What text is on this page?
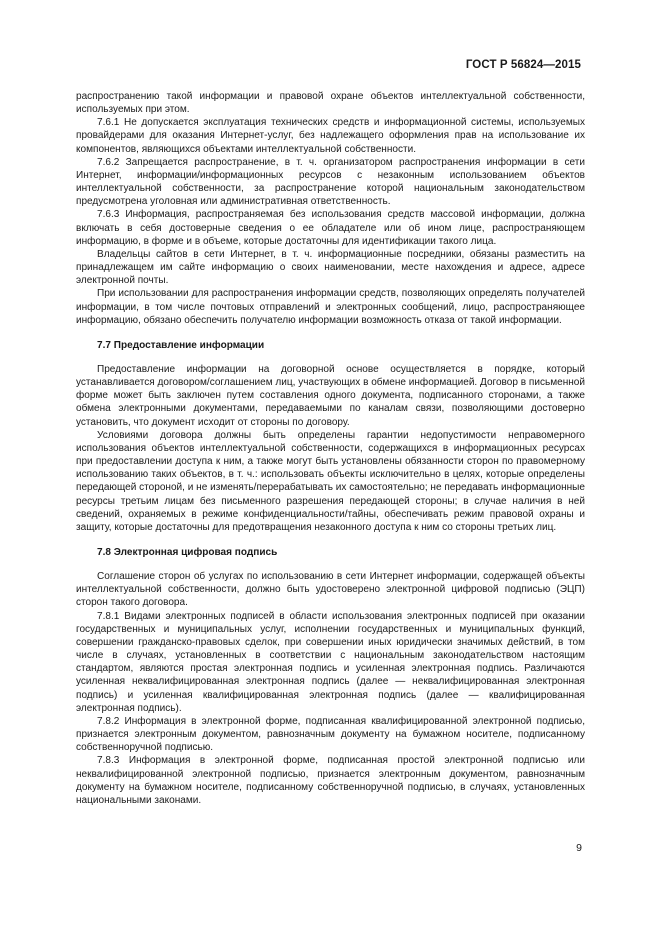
ГОСТ Р 56824—2015

распространению такой информации и правовой охране объектов интеллектуальной собственности, используемых при этом.

7.6.1 Не допускается эксплуатация технических средств и информационной системы, используемых провайдерами для оказания Интернет-услуг, без надлежащего оформления прав на использование их компонентов, являющихся объектами интеллектуальной собственности.

7.6.2 Запрещается распространение, в т. ч. организатором распространения информации в сети Интернет, информации/информационных ресурсов с незаконным использованием объектов интеллектуальной собственности, за распространение которой национальным законодательством предусмотрена уголовная или административная ответственность.

7.6.3 Информация, распространяемая без использования средств массовой информации, должна включать в себя достоверные сведения о ее обладателе или об ином лице, распространяющем информацию, в форме и в объеме, которые достаточны для идентификации такого лица.

Владельцы сайтов в сети Интернет, в т. ч. информационные посредники, обязаны разместить на принадлежащем им сайте информацию о своих наименовании, месте нахождения и адресе, адресе электронной почты.

При использовании для распространения информации средств, позволяющих определять получателей информации, в том числе почтовых отправлений и электронных сообщений, лицо, распространяющее информацию, обязано обеспечить получателю информации возможность отказа от такой информации.

7.7 Предоставление информации

Предоставление информации на договорной основе осуществляется в порядке, который устанавливается договором/соглашением лиц, участвующих в обмене информацией. Договор в письменной форме может быть заключен путем составления одного документа, подписанного сторонами, а также обмена электронными документами, передаваемыми по каналам связи, позволяющими достоверно установить, что документ исходит от стороны по договору.

Условиями договора должны быть определены гарантии недопустимости неправомерного использования объектов интеллектуальной собственности, содержащихся в информационных ресурсах при предоставлении доступа к ним, а также могут быть установлены обязанности сторон по правомерному использованию таких объектов, в т. ч.: использовать объекты исключительно в целях, которые определены передающей стороной, и не изменять/перерабатывать их самостоятельно; не передавать информационные ресурсы третьим лицам без письменного разрешения передающей стороны; в случае наличия в ней сведений, охраняемых в режиме конфиденциальности/тайны, обеспечивать режим правовой охраны и защиту, которые достаточны для предотвращения незаконного доступа к ним со стороны третьих лиц.

7.8 Электронная цифровая подпись

Соглашение сторон об услугах по использованию в сети Интернет информации, содержащей объекты интеллектуальной собственности, должно быть удостоверено электронной цифровой подписью (ЭЦП) сторон такого договора.

7.8.1 Видами электронных подписей в области использования электронных подписей при оказании государственных и муниципальных услуг, исполнении государственных и муниципальных функций, совершении гражданско-правовых сделок, при совершении иных юридически значимых действий, в том числе в случаях, установленных в соответствии с национальным законодательством настоящим стандартом, являются простая электронная подпись и усиленная электронная подпись. Различаются усиленная неквалифицированная электронная подпись (далее — неквалифицированная электронная подпись) и усиленная квалифицированная электронная подпись (далее — квалифицированная электронная подпись).

7.8.2 Информация в электронной форме, подписанная квалифицированной электронной подписью, признается электронным документом, равнозначным документу на бумажном носителе, подписанному собственноручной подписью.

7.8.3 Информация в электронной форме, подписанная простой электронной подписью или неквалифицированной электронной подписью, признается электронным документом, равнозначным документу на бумажном носителе, подписанному собственноручной подписью, в случаях, установленных национальными законами.

9
